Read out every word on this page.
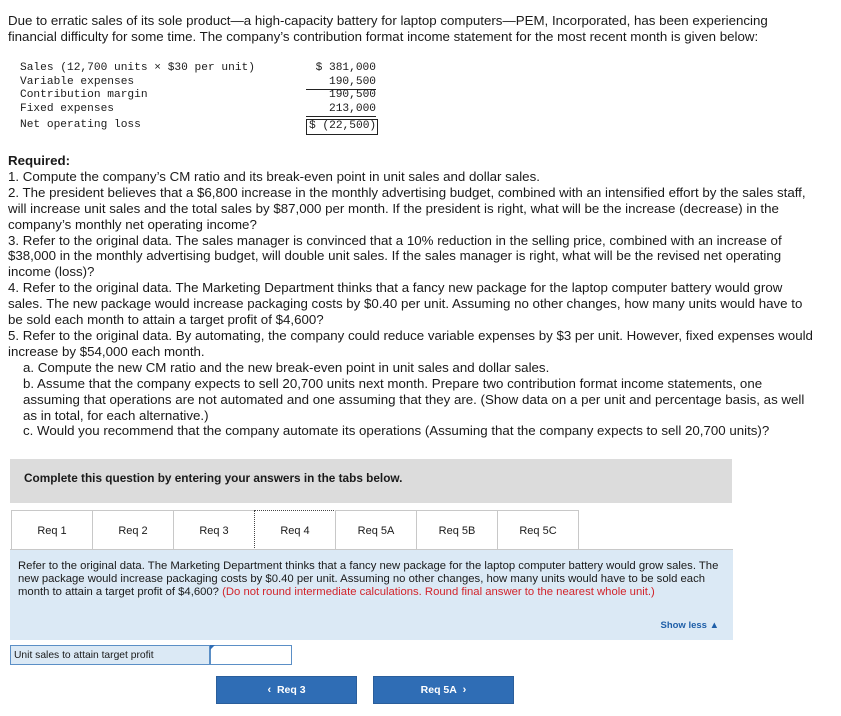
Due to erratic sales of its sole product—a high-capacity battery for laptop computers—PEM, Incorporated, has been experiencing financial difficulty for some time. The company’s contribution format income statement for the most recent month is given below:
Sales (12,700 units × $30 per unit)	$ 381,000
Variable expenses	190,500
Contribution margin	190,500
Fixed expenses	213,000
Net operating loss	$ (22,500)
Required:
1. Compute the company’s CM ratio and its break-even point in unit sales and dollar sales.
2. The president believes that a $6,800 increase in the monthly advertising budget, combined with an intensified effort by the sales staff, will increase unit sales and the total sales by $87,000 per month. If the president is right, what will be the increase (decrease) in the company’s monthly net operating income?
3. Refer to the original data. The sales manager is convinced that a 10% reduction in the selling price, combined with an increase of $38,000 in the monthly advertising budget, will double unit sales. If the sales manager is right, what will be the revised net operating income (loss)?
4. Refer to the original data. The Marketing Department thinks that a fancy new package for the laptop computer battery would grow sales. The new package would increase packaging costs by $0.40 per unit. Assuming no other changes, how many units would have to be sold each month to attain a target profit of $4,600?
5. Refer to the original data. By automating, the company could reduce variable expenses by $3 per unit. However, fixed expenses would increase by $54,000 each month.
a. Compute the new CM ratio and the new break-even point in unit sales and dollar sales.
b. Assume that the company expects to sell 20,700 units next month. Prepare two contribution format income statements, one assuming that operations are not automated and one assuming that they are. (Show data on a per unit and percentage basis, as well as in total, for each alternative.)
c. Would you recommend that the company automate its operations (Assuming that the company expects to sell 20,700 units)?
Complete this question by entering your answers in the tabs below.
Req 1	Req 2	Req 3	Req 4	Req 5A	Req 5B	Req 5C

Refer to the original data. The Marketing Department thinks that a fancy new package for the laptop computer battery would grow sales. The new package would increase packaging costs by $0.40 per unit. Assuming no other changes, how many units would have to be sold each month to attain a target profit of $4,600? (Do not round intermediate calculations. Round final answer to the nearest whole unit.)

Show less ▲
Unit sales to attain target profit
‹ Req 3	Req 5A ›
